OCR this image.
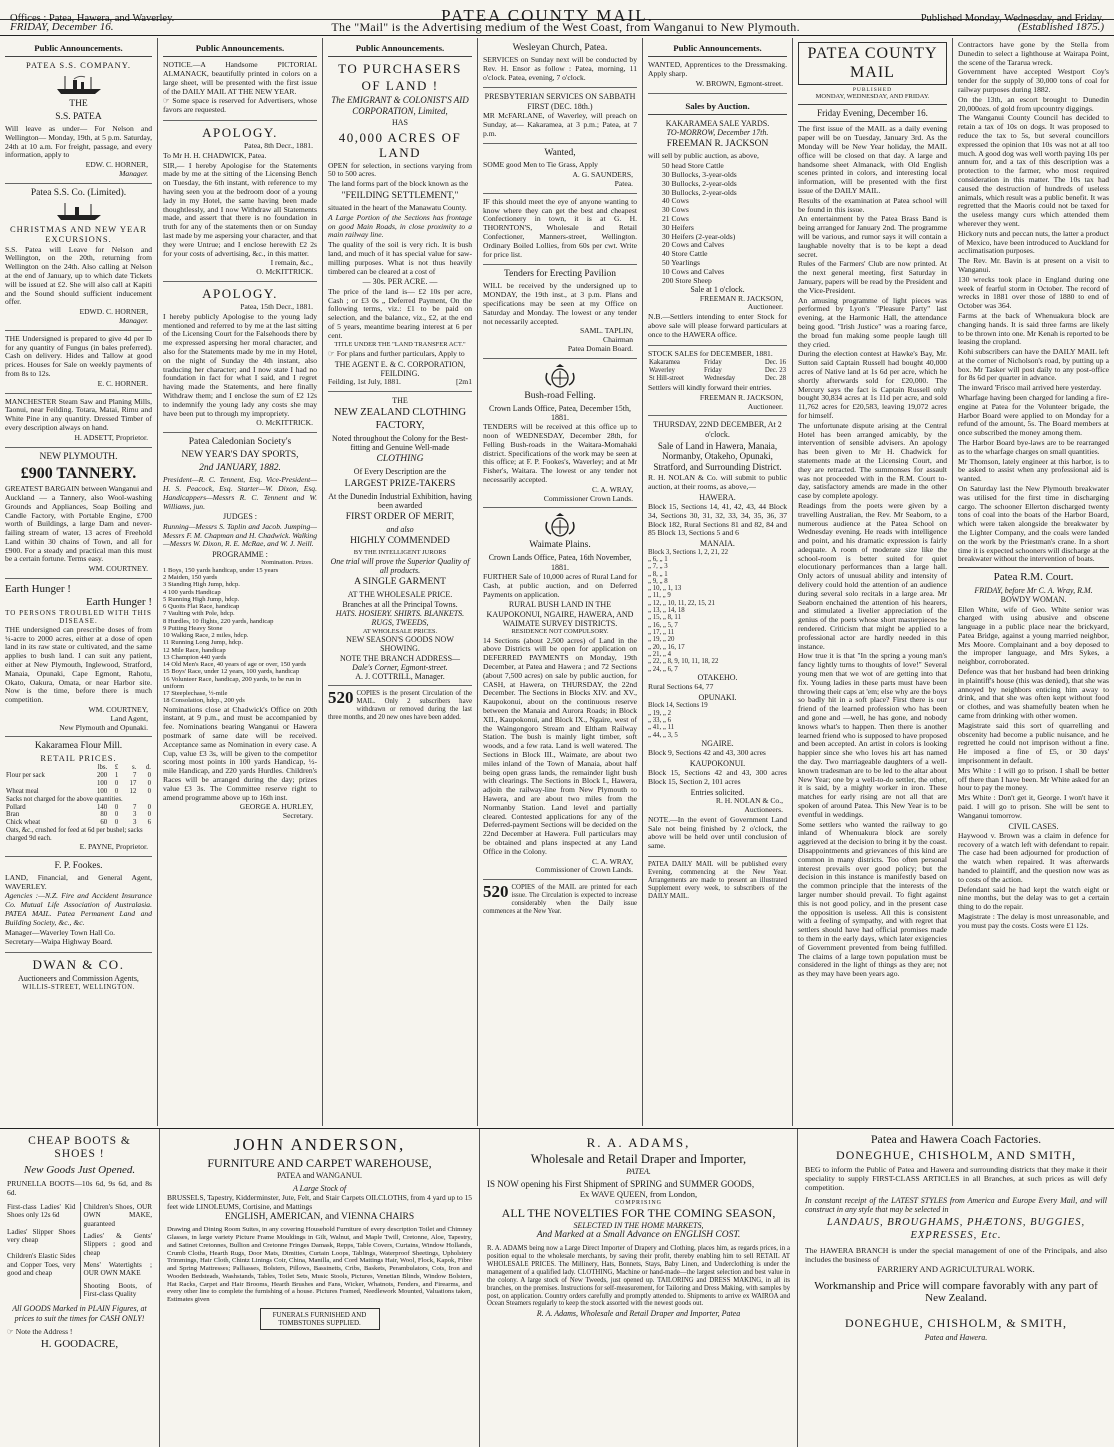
Offices : Patea, Hawera, and Waverley.	PATEA COUNTY MAIL.	Published Monday, Wednesday, and Friday.
FRIDAY, December 16.	The "Mail" is the Advertising medium of the West Coast, from Wanganui to New Plymouth.	(Established 1875.)
Public Announcements.
PATEA S.S. COMPANY.
THE
S.S. PATEA

Will leave as under— For Nelson and Wellington— Monday, 19th, at 5 p.m. Saturday, 24th at 10 a.m. For freight, passage, and every information, apply to

EDW. C. HORNER,
Manager.
Patea S.S. Co. (Limited).
CHRISTMAS AND NEW YEAR EXCURSIONS.

S.S. Patea will Leave for Nelson and Wellington, on the 20th, returning from Wellington on the 24th. Also calling at Nelson at the end of January, up to which date Tickets will be issued at £2. She will also call at Kapiti and the Sound should sufficient inducement offer.

EDWD. C. HORNER,
Manager.

THE Undersigned is prepared to give 4d per lb for any quantity of Fungus (in bales preferred). Cash on delivery. Hides and Tallow at good prices. Houses for Sale on weekly payments of from 8s to 12s.

E. C. HORNER.

MANCHESTER Steam Saw and Planing Mills, Taonui, near Feilding. Totara, Matai, Rimu and White Pine in any quantity. Dressed Timber of every description always on hand.

H. ADSETT, Proprietor.
NEW PLYMOUTH.
£900 TANNERY.

GREATEST BARGAIN between Wanganui and Auckland — a Tannery, also Wool-washing Grounds and Appliances, Soap Boiling and Candle Factory, with Portable Engine, £700 worth of Buildings, a large Dam and never-failing stream of water, 13 acres of Freehold Land within 30 chains of Town, and all for £900. For a steady and practical man this must be a certain fortune. Terms easy.

WM. COURTNEY.
Earth Hunger !
Earth Hunger !
TO PERSONS TROUBLED WITH THIS DISEASE.

THE undersigned can prescribe doses of from ¼-acre to 2000 acres, either at a dose of open land in its raw state or cultivated, and the same applies to bush land. I can suit any patient, either at New Plymouth, Inglewood, Stratford, Manaia, Opunaki, Cape Egmont, Rahotu, Okato, Oakura, Omata, or near Harbor site. Now is the time, before there is much competition.

WM. COURTNEY,
Land Agent,
New Plymouth and Opunaki.
Kakaramea Flour Mill.
RETAIL PRICES.
	lbs.	£	s.	d.
Flour per sack	200	1	7	0
	100	0	17	0
Wheat meal	100	0	12	0
Sacks not charged for the above quantities.				
Pollard	140	0	7	0
Bran	80	0	3	0
Chick wheat	60	0	3	6
Oats, &c., crushed for feed at 6d per bushel; sacks charged 9d each.				
E. PAYNE, Proprietor.
F. P. Fookes.

LAND, Financial, and General Agent, WAVERLEY.

Agencies :—N.Z. Fire and Accident Insurance Co. Mutual Life Association of Australasia. PATEA MAIL. Patea Permanent Land and Building Society, &c., &c.

Manager—Waverley Town Hall Co.

Secretary—Waipa Highway Board.

DWAN & CO.
Auctioneers and Commission Agents,
WILLIS-STREET, WELLINGTON.
Public Announcements.

NOTICE.—A Handsome PICTORIAL ALMANACK, beautifully printed in colors on a large sheet, will be presented with the first issue of the DAILY MAIL AT THE NEW YEAR.

☞ Some space is reserved for Advertisers, whose favors are requested.

APOLOGY.
Patea, 8th Decr., 1881.

To Mr H. H. CHADWICK, Patea.

SIR,— I hereby Apologise for the Statements made by me at the sitting of the Licensing Bench on Tuesday, the 6th instant, with reference to my having seen you at the bedroom door of a young lady in my Hotel, the same having been made thoughtlessly, and I now Withdraw all Statements made, and assert that there is no foundation in truth for any of the statements then or on Sunday last made by me aspersing your character, and that they were Untrue; and I enclose herewith £2 2s for your costs of advertising, &c., in this matter.

I remain, &c.,
O. McKITTRICK.
APOLOGY.
Patea, 15th Decr., 1881.

I hereby publicly Apologise to the young lady mentioned and referred to by me at the last sitting of the Licensing Court for the Falsehoods there by me expressed aspersing her moral character, and also for the Statements made by me in my Hotel, on the night of Sunday the 4th instant, also traducing her character; and I now state I had no foundation in fact for what I said, and I regret having made the Statements, and here finally Withdraw them; and I enclose the sum of £2 12s to indemnify the young lady any costs she may have been put to through my impropriety.

O. McKITTRICK.
Patea Caledonian Society's
NEW YEAR'S DAY SPORTS,
2nd JANUARY, 1882.

President—R. C. Tennent, Esq. Vice-President—H. S. Peacock, Esq. Starter—W. Dixon, Esq. Handicappers—Messrs R. C. Tennent and W. Williams, jun.

JUDGES :

Running—Messrs S. Taplin and Jacob. Jumping—Messrs F. M. Chapman and H. Chadwick. Walking—Messrs W. Dixon, R. E. McRae, and W. J. Neill.

PROGRAMME :
Nomination. Prizes.
1 Boys, 150 yards handicap, under 15 years
2 Maiden, 150 yards
3 Standing High Jump, hdcp.
4 100 yards Handicap
5 Running High Jump, hdcp.
6 Quoits Flat Race, handicap
7 Vaulting with Pole, hdcp.
8 Hurdles, 10 flights, 220 yards, handicap
9 Putting Heavy Stone
10 Walking Race, 2 miles, hdcp.
11 Running Long Jump, hdcp.
12 Mile Race, handicap
13 Champion 440 yards
14 Old Men's Race, 40 years of age or over, 150 yards
15 Boys' Race, under 12 years, 100 yards, handicap
16 Volunteer Race, handicap, 200 yards, to be run in uniform
17 Steeplechase, ½-mile
18 Consolation, hdcp., 200 yds

Nominations close at Chadwick's Office on 20th instant, at 9 p.m., and must be accompanied by fee. Nominations bearing Wanganui or Hawera postmark of same date will be received. Acceptance same as Nomination in every case. A Cup, value £3 3s, will be given to the competitor scoring most points in 100 yards Handicap, ½-mile Handicap, and 220 yards Hurdles. Children's Races will be arranged during the day; prizes value £3 3s. The Committee reserve right to amend programme above up to 16th inst.

GEORGE A. HURLEY,
Secretary.
Public Announcements.
TO PURCHASERS
OF LAND !
The EMIGRANT & COLONIST'S AID CORPORATION, Limited,
HAS
40,000 ACRES OF LAND

OPEN for selection, in sections varying from 50 to 500 acres.

The land forms part of the block known as the

"FEILDING SETTLEMENT,"

situated in the heart of the Manawatu County.

A Large Portion of the Sections has frontage on good Main Roads, in close proximity to a main railway line.

The quality of the soil is very rich. It is bush land, and much of it has special value for saw-milling purposes. What is not thus heavily timbered can be cleared at a cost of

— 30s. PER ACRE. —

The price of the land is— £2 10s per acre, Cash ; or £3 0s „ Deferred Payment, On the following terms, viz.: £1 to be paid on selection, and the balance, viz., £2, at the end of 5 years, meantime bearing interest at 6 per cent.

TITLE UNDER THE "LAND TRANSFER ACT."

☞ For plans and further particulars, Apply to

THE AGENT E. & C. CORPORATION, FEILDING.
Feilding, 1st July, 1881.	[2m1
THE
NEW ZEALAND CLOTHING FACTORY,

Noted throughout the Colony for the Best-fitting and Genuine Well-made

CLOTHING
Of Every Description are the
LARGEST PRIZE-TAKERS
At the Dunedin Industrial Exhibition, having been awarded
FIRST ORDER OF MERIT,
and also
HIGHLY COMMENDED
BY THE INTELLIGENT JURORS
One trial will prove the Superior Quality of all products.
A SINGLE GARMENT
AT THE WHOLESALE PRICE.
Branches at all the Principal Towns.
HATS. HOSIERY. SHIRTS. BLANKETS. RUGS, TWEEDS,
AT WHOLESALE PRICES.
NEW SEASON'S GOODS NOW SHOWING.
NOTE THE BRANCH ADDRESS—
Dale's Corner, Egmont-street.
A. J. COTTRILL, Manager.
520 COPIES is the present Circulation of the MAIL. Only 2 subscribers have withdrawn or removed during the last three months, and 20 new ones have been added.

Wesleyan Church, Patea.

SERVICES on Sunday next will be conducted by Rev. H. Ensor as follow : Patea, morning, 11 o'clock. Patea, evening, 7 o'clock.

PRESBYTERIAN SERVICES ON SABBATH FIRST (DEC. 18th.)

MR McFARLANE, of Waverley, will preach on Sunday, at— Kakaramea, at 3 p.m.; Patea, at 7 p.m.

Wanted,

SOME good Men to Tie Grass, Apply

A. G. SAUNDERS,
Patea.

IF this should meet the eye of anyone wanting to know where they can get the best and cheapest Confectionery in town, it is at G. H. THORNTON'S, Wholesale and Retail Confectioner, Manners-street, Wellington. Ordinary Boiled Lollies, from 60s per cwt. Write for price list.

Tenders for Erecting Pavilion

WILL be received by the undersigned up to MONDAY, the 19th inst., at 3 p.m. Plans and specifications may be seen at my Office on Saturday and Monday. The lowest or any tender not necessarily accepted.

SAML. TAPLIN,
Chairman
Patea Domain Board.
Bush-road Felling.
Crown Lands Office, Patea, December 15th, 1881.

TENDERS will be received at this office up to noon of WEDNESDAY, December 28th, for Felling Bush-roads in the Waitara-Momahaki district. Specifications of the work may be seen at this office; at F. P. Fookes's, Waverley; and at Mr Fisher's, Waitara. The lowest or any tender not necessarily accepted.

C. A. WRAY,
Commissioner Crown Lands.
Waimate Plains.
Crown Lands Office, Patea, 16th November, 1881.

FURTHER Sale of 10,000 acres of Rural Land for Cash, at public auction, and on Deferred Payments on application.

RURAL BUSH LAND IN THE KAUPOKONUI, NGAIRE, HAWERA, AND WAIMATE SURVEY DISTRICTS.
RESIDENCE NOT COMPULSORY.

14 Sections (about 2,500 acres) of Land in the above Districts will be open for application on DEFERRED PAYMENTS on Monday, 19th December, at Patea and Hawera ; and 72 Sections (about 7,500 acres) on sale by public auction, for CASH, at Hawera, on THURSDAY, the 22nd December. The Sections in Blocks XIV. and XV., Kaupokonui, about on the continuous reserve between the Manaia and Aurora Roads; in Block XII., Kaupokonui, and Block IX., Ngaire, west of the Waingongoro Stream and Eltham Railway Station. The bush is mainly light timber, soft woods, and a few rata. Land is well watered. The Sections in Block III., Waimate, are about two miles inland of the Town of Manaia, about half being open grass lands, the remainder light bush with clearings. The Sections in Block I., Hawera, adjoin the railway-line from New Plymouth to Hawera, and are about two miles from the Normanby Station. Land level and partially cleared. Contested applications for any of the Deferred-payment Sections will be decided on the 22nd December at Hawera. Full particulars may be obtained and plans inspected at any Land Office in the Colony.

C. A. WRAY,
Commissioner of Crown Lands.
520 COPIES of the MAIL are printed for each issue. The Circulation is expected to increase considerably when the Daily issue commences at the New Year.

Public Announcements.

WANTED, Apprentices to the Dressmaking. Apply sharp.

W. BROWN, Egmont-street.
Sales by Auction.
KAKARAMEA SALE YARDS.
TO-MORROW, December 17th.
FREEMAN R. JACKSON

will sell by public auction, as above,

50 head Store Cattle
30 Bullocks, 3-year-olds
30 Bullocks, 2-year-olds
30 Bullocks, 2-year-olds
40 Cows
30 Cows
21 Cows
30 Heifers
30 Heifers (2-year-olds)
20 Cows and Calves
40 Store Cattle
50 Yearlings
10 Cows and Calves
200 Store Sheep
Sale at 1 o'clock.
FREEMAN R. JACKSON,
Auctioneer.

N.B.—Settlers intending to enter Stock for above sale will please forward particulars at once to the HAWERA office.

STOCK SALES for DECEMBER, 1881.

Kakaramea	Friday	Dec. 16
Waverley	Friday	Dec. 23
St Hill-street	Wednesday	Dec. 28

Settlers will kindly forward their entries.

FREEMAN R. JACKSON,
Auctioneer.
THURSDAY, 22ND DECEMBER, At 2 o'clock.
Sale of Land in Hawera, Manaia, Normanby, Otakeho, Opunaki, Stratford, and Surrounding District.

R. H. NOLAN & Co. will submit to public auction, at their rooms, as above,—

HAWERA.

Block 15, Sections 14, 41, 42, 43, 44 Block 34, Sections 30, 31, 32, 33, 34, 35, 36, 37 Block 182, Rural Sections 81 and 82, 84 and 85 Block 13, Sections 5 and 6

MANAIA.
Block 3, Sections 1, 2, 21, 22
„ 6, „ 1
„ 7, „ 3
„ 8, „ 1
„ 9, „ 8
„ 10, „ 1, 13
„ 11, „ 9
„ 12, „ 10, 11, 22, 15, 21
„ 13, „ 14, 18
„ 15, „ 8, 11
„ 16, „ 5, 7
„ 17, „ 11
„ 19, „ 20
„ 20, „ 16, 17
„ 21, „ 4
„ 22, „ 8, 9, 10, 11, 18, 22
„ 24, „ 6, 7
OTAKEHO.

Rural Sections 64, 77

OPUNAKI.
Block 14, Sections 19
„ 19, „ 2
„ 33, „ 6
„ 41, „ 11
„ 44, „ 3, 5
NGAIRE.

Block 9, Sections 42 and 43, 300 acres

KAUPOKONUI.

Block 15, Sections 42 and 43, 300 acres Block 15, Section 2, 101 acres

Entries solicited.
R. H. NOLAN & Co.,
Auctioneers.

NOTE.—In the event of Government Land Sale not being finished by 2 o'clock, the above will be held over until conclusion of same.

PATEA DAILY MAIL will be published every Evening, commencing at the New Year. Arrangements are made to present an illustrated Supplement every week, to subscribers of the DAILY MAIL.

PATEA COUNTY MAIL
PUBLISHED
MONDAY, WEDNESDAY, AND FRIDAY.
Friday Evening, December 16.

The first issue of the MAIL as a daily evening paper will be on Tuesday, January 3rd. As the Monday will be New Year holiday, the MAIL office will be closed on that day. A large and handsome sheet Almanack, with Old English scenes printed in colors, and interesting local information, will be presented with the first issue of the DAILY MAIL.

Results of the examination at Patea school will be found in this issue.

An entertainment by the Patea Brass Band is being arranged for January 2nd. The programme will be various, and rumor says it will contain a laughable novelty that is to be kept a dead secret.

Rules of the Farmers' Club are now printed. At the next general meeting, first Saturday in January, papers will be read by the President and the Vice-President.

An amusing programme of light pieces was performed by Lyon's "Pleasure Party" last evening, at the Harmonic Hall, the attendance being good. "Irish Justice" was a roaring farce, the broad fun making some people laugh till they cried.

During the election contest at Hawke's Bay, Mr. Sutton said Captain Russell had bought 40,000 acres of Native land at 1s 6d per acre, which he shortly afterwards sold for £20,000. The Mercury says the fact is Captain Russell only bought 30,834 acres at 1s 11d per acre, and sold 11,762 acres for £20,583, leaving 19,072 acres for himself.

The unfortunate dispute arising at the Central Hotel has been arranged amicably, by the intervention of sensible advisers. An apology has been given to Mr H. Chadwick for statements made at the Licensing Court, and they are retracted. The summonses for assault was not proceeded with in the R.M. Court to-day, satisfactory amends are made in the other case by complete apology.

Readings from the poets were given by a travelling Australian, the Rev. Mr Seaborn, to a numerous audience at the Patea School on Wednesday evening. He reads with intelligence and point, and his dramatic expression is fairly adequate. A room of moderate size like the school-room is better suited for quiet elocutionary performances than a large hall. Only actors of unusual ability and intensity of delivery could hold the attention of an audience during several solo recitals in a large area. Mr Seaborn enchained the attention of his hearers, and stimulated a livelier appreciation of the genius of the poets whose short masterpieces he rendered. Criticism that might be applied to a professional actor are hardly needed in this instance.

How true it is that "In the spring a young man's fancy lightly turns to thoughts of love!" Several young men that we wot of are getting into that fix. Young ladies in these parts must have been throwing their caps at 'em; else why are the boys so badly hit in a soft place? First there is our friend of the learned profession who has been and gone and —well, he has gone, and nobody knows what's to happen. Then there is another learned friend who is supposed to have proposed and been accepted. An artist in colors is looking happier since she who loves his art has named the day. Two marriageable daughters of a well-known tradesman are to be led to the altar about New Year; one by a well-to-do settler, the other, it is said, by a mighty worker in iron. These matches for early rising are not all that are spoken of around Patea. This New Year is to be eventful in weddings.

Some settlers who wanted the railway to go inland of Whenuakura block are sorely aggrieved at the decision to bring it by the coast. Disappointments and grievances of this kind are common in many districts. Too often personal interest prevails over good policy; but the decision in this instance is manifestly based on the common principle that the interests of the larger number should prevail. To fight against this is not good policy, and in the present case the opposition is useless. All this is consistent with a feeling of sympathy, and with regret that settlers should have had official promises made to them in the early days, which later exigencies of Government prevented from being fulfilled. The claims of a large town population must be considered in the light of things as they are; not as they may have been years ago.

Contractors have gone by the Stella from Dunedin to select a lighthouse at Wairapa Point, the scene of the Tararua wreck.

Government have accepted Westport Coy's tender for the supply of 30,000 tons of coal for railway purposes during 1882.

On the 13th, an escort brought to Dunedin 20,000ozs. of gold from upcountry diggings.

The Wanganui County Council has decided to retain a tax of 10s on dogs. It was proposed to reduce the tax to 5s, but several councillors expressed the opinion that 10s was not at all too much. A good dog was well worth paying 10s per annum for, and a tax of this description was a protection to the farmer, who most required consideration in this matter. The 10s tax had caused the destruction of hundreds of useless animals, which result was a public benefit. It was regretted that the Maoris could not be taxed for the useless mangy curs which attended them wherever they went.

Hickory nuts and peccan nuts, the latter a product of Mexico, have been introduced to Auckland for acclimatisation purposes.

The Rev. Mr. Bavin is at present on a visit to Wanganui.

130 wrecks took place in England during one week of fearful storm in October. The record of wrecks in 1881 over those of 1880 to end of October was 364.

Farms at the back of Whenuakura block are changing hands. It is said three farms are likely to be thrown into one. Mr Kenah is reported to be leasing the cropland.

Kohi subscribers can have the DAILY MAIL left at the corner of Nicholson's road, by putting up a box. Mr Tasker will post daily to any post-office for 8s 6d per quarter in advance.

The inward 'Frisco mail arrived here yesterday.

Wharfage having been charged for landing a fire-engine at Patea for the Volunteer brigade, the Harbor Board were applied to on Monday for a refund of the amount, 5s. The Board members at once subscribed the money among them.

The Harbor Board bye-laws are to be rearranged as to the wharfage charges on small quantities.

Mr Thomson, lately engineer at this harbor, is to be asked to assist when any professional aid is wanted.

On Saturday last the New Plymouth breakwater was utilised for the first time in discharging cargo. The schooner Ellerton discharged twenty tons of coal into the boats of the Harbor Board, which were taken alongside the breakwater by the Lighter Company, and the coals were landed on the work by the Priestman's crane. In a short time it is expected schooners will discharge at the breakwater without the intervention of boats.

Patea R.M. Court.
FRIDAY, before Mr C. A. Wray, R.M.
BOWDY WOMAN.

Ellen White, wife of Geo. White senior was charged with using abusive and obscene language in a public place near the brickyard, Patea Bridge, against a young married neighbor, Mrs Moore. Complainant and a boy deposed to the improper language, and Mrs Sykes, a neighbor, corroborated.

Defence was that her husband had been drinking in plaintiff's house (this was denied), that she was annoyed by neighbors enticing him away to drink, and that she was often kept without food or clothes, and was shamefully beaten when he came from drinking with other women.

Magistrate said this sort of quarrelling and obscenity had become a public nuisance, and he regretted he could not imprison without a fine. He imposed a fine of £5, or 30 days' imprisonment in default.

Mrs White : I will go to prison. I shall be better off there than I have been. Mr White asked for an hour to pay the money.

Mrs White : Don't get it, George. I won't have it paid. I will go to prison. She will be sent to Wanganui tomorrow.

CIVIL CASES.

Haywood v. Brown was a claim in defence for recovery of a watch left with defendant to repair. The case had been adjourned for production of the watch when repaired. It was afterwards handed to plaintiff, and the question now was as to costs of the action.

Defendant said he had kept the watch eight or nine months, but the delay was to get a certain thing to do the repair.

Magistrate : The delay is most unreasonable, and you must pay the costs. Costs were £1 12s.

CHEAP BOOTS & SHOES !
New Goods Just Opened.

PRUNELLA BOOTS—10s 6d, 9s 6d, and 8s 6d.

First-class Ladies' Kid Shoes only 12s 6d

Ladies' Slipper Shoes very cheap

Children's Elastic Sides and Copper Toes, very good and cheap

Children's Shoes, OUR OWN MAKE, guaranteed

Ladies' & Gents' Slippers ; good and cheap

Mens' Watertights ; OUR OWN MAKE

Shooting Boots, of First-class Quality

All GOODS Marked in PLAIN Figures, at prices to suit the times for CASH ONLY!

☞ Note the Address !

H. GOODACRE,
JOHN ANDERSON,
FURNITURE AND CARPET WAREHOUSE,
PATEA and WANGANUI.
A Large Stock of

BRUSSELS, Tapestry, Kidderminster, Jute, Felt, and Stair Carpets OILCLOTHS, from 4 yard up to 15 feet wide LINOLEUMS, Cortisine, and Mattings

ENGLISH, AMERICAN, and VIENNA CHAIRS

Drawing and Dining Room Suites, in any covering Household Furniture of every description Toilet and Chimney Glasses, in large variety Picture Frame Mouldings in Gilt, Walnut, and Maple Twill, Cretonne, Aloe, Tapestry, and Satinet Cretonnes, Bullion and Cretonne Fringes Damask, Repps, Table Covers, Curtains, Window Hollands, Crumb Cloths, Hearth Rugs, Door Mats, Dimities, Curtain Loops, Tablings, Waterproof Sheetings, Upholstery Trimmings, Hair Cloth, Chintz Linings Coir, China, Manilla, and Cord Mattings Hair, Wool, Flock, Kapok, Fibre and Spring Mattresses; Palliasses, Bolsters, Pillows, Bassinetts, Cribs, Baskets, Perambulators, Cots, Iron and Wooden Bedsteads, Washstands, Tables, Toilet Sets, Music Stools, Pictures, Venetian Blinds, Window Bolsters, Hat Racks, Carpet and Hair Brooms, Hearth Brushes and Fans, Wicker, Whatnots, Fenders, and Firearms, and every other line to complete the furnishing of a house. Pictures Framed, Needlework Mounted, Valuations taken, Estimates given

FUNERALS FURNISHED AND TOMBSTONES SUPPLIED.
R. A. ADAMS,
Wholesale and Retail Draper and Importer,
PATEA.

IS NOW opening his First Shipment of SPRING and SUMMER GOODS,

Ex WAVE QUEEN, from London,
COMPRISING
ALL THE NOVELTIES FOR THE COMING SEASON,
SELECTED IN THE HOME MARKETS,
And Marked at a Small Advance on ENGLISH COST.

R. A. ADAMS being now a Large Direct Importer of Drapery and Clothing, places him, as regards prices, in a position equal to the wholesale merchants, by saving their profit, thereby enabling him to sell RETAIL AT WHOLESALE PRICES. The Millinery, Hats, Bonnets, Stays, Baby Linen, and Underclothing is under the management of a qualified lady. CLOTHING, Machine or hand-made—the largest selection and best value in the colony. A large stock of New Tweeds, just opened up. TAILORING and DRESS MAKING, in all its branches, on the premises. Instructions for self-measurement, for Tailoring and Dress Making, with samples by post, on application. Country orders carefully and promptly attended to. Shipments to arrive ex WAIROA and Ocean Steamers regularly to keep the stock assorted with the newest goods out.

R. A. Adams, Wholesale and Retail Draper and Importer, Patea
Patea and Hawera Coach Factories.
DONEGHUE, CHISHOLM, AND SMITH,

BEG to inform the Public of Patea and Hawera and surrounding districts that they make it their speciality to supply FIRST-CLASS ARTICLES in all Branches, at such prices as will defy competition.

In constant receipt of the LATEST STYLES from America and Europe Every Mail, and will construct in any style that may be selected in

LANDAUS, BROUGHAMS, PHÆTONS, BUGGIES, EXPRESSES, Etc.

The HAWERA BRANCH is under the special management of one of the Principals, and also includes the business of

FARRIERY AND AGRICULTURAL WORK.
Workmanship and Price will compare favorably with any part of New Zealand.
DONEGHUE, CHISHOLM, & SMITH,
Patea and Hawera.
